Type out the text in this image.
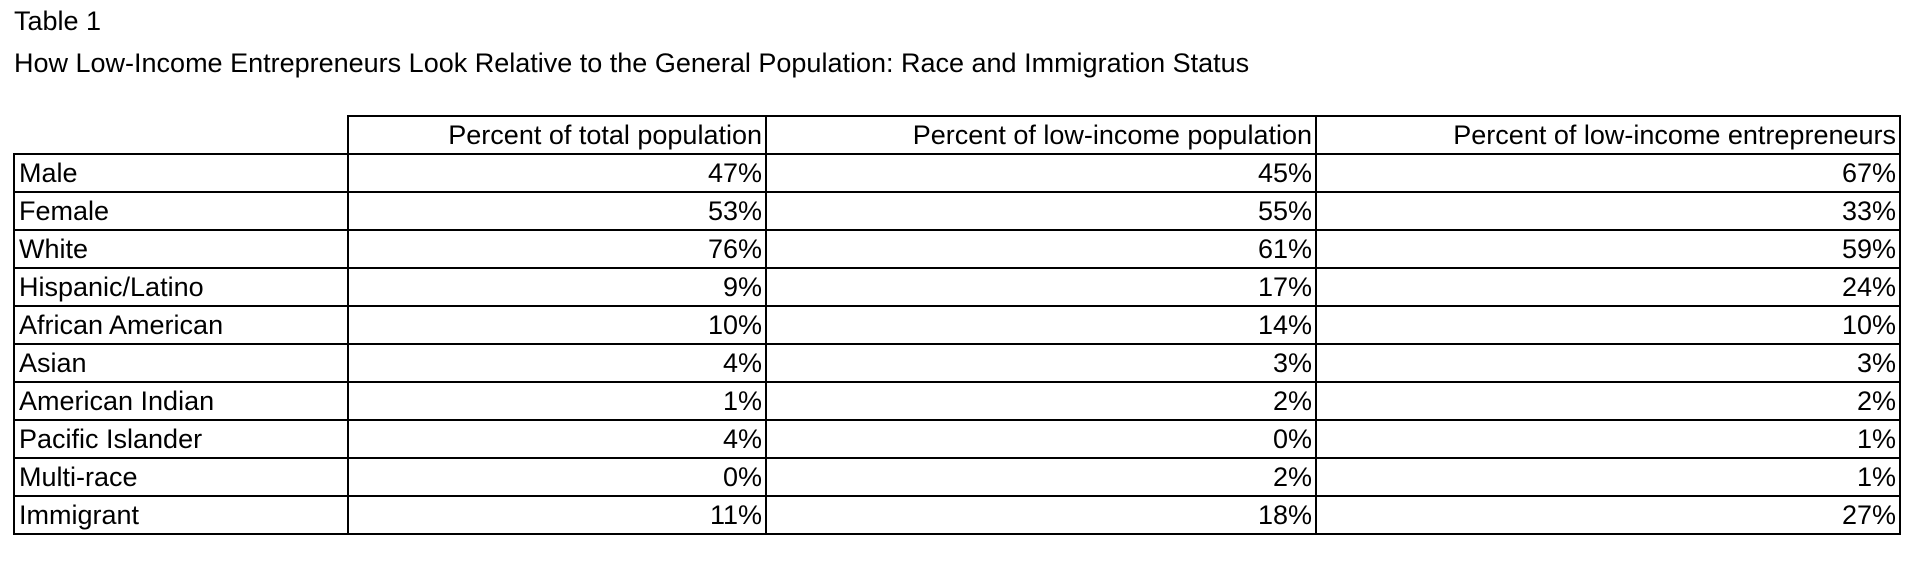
Table 1
How Low-Income Entrepreneurs Look Relative to the General Population: Race and Immigration Status
	Percent of total population	Percent of low-income population	Percent of low-income entrepreneurs
Male	47%	45%	67%
Female	53%	55%	33%
White	76%	61%	59%
Hispanic/Latino	9%	17%	24%
African American	10%	14%	10%
Asian	4%	3%	3%
American Indian	1%	2%	2%
Pacific Islander	4%	0%	1%
Multi-race	0%	2%	1%
Immigrant	11%	18%	27%
